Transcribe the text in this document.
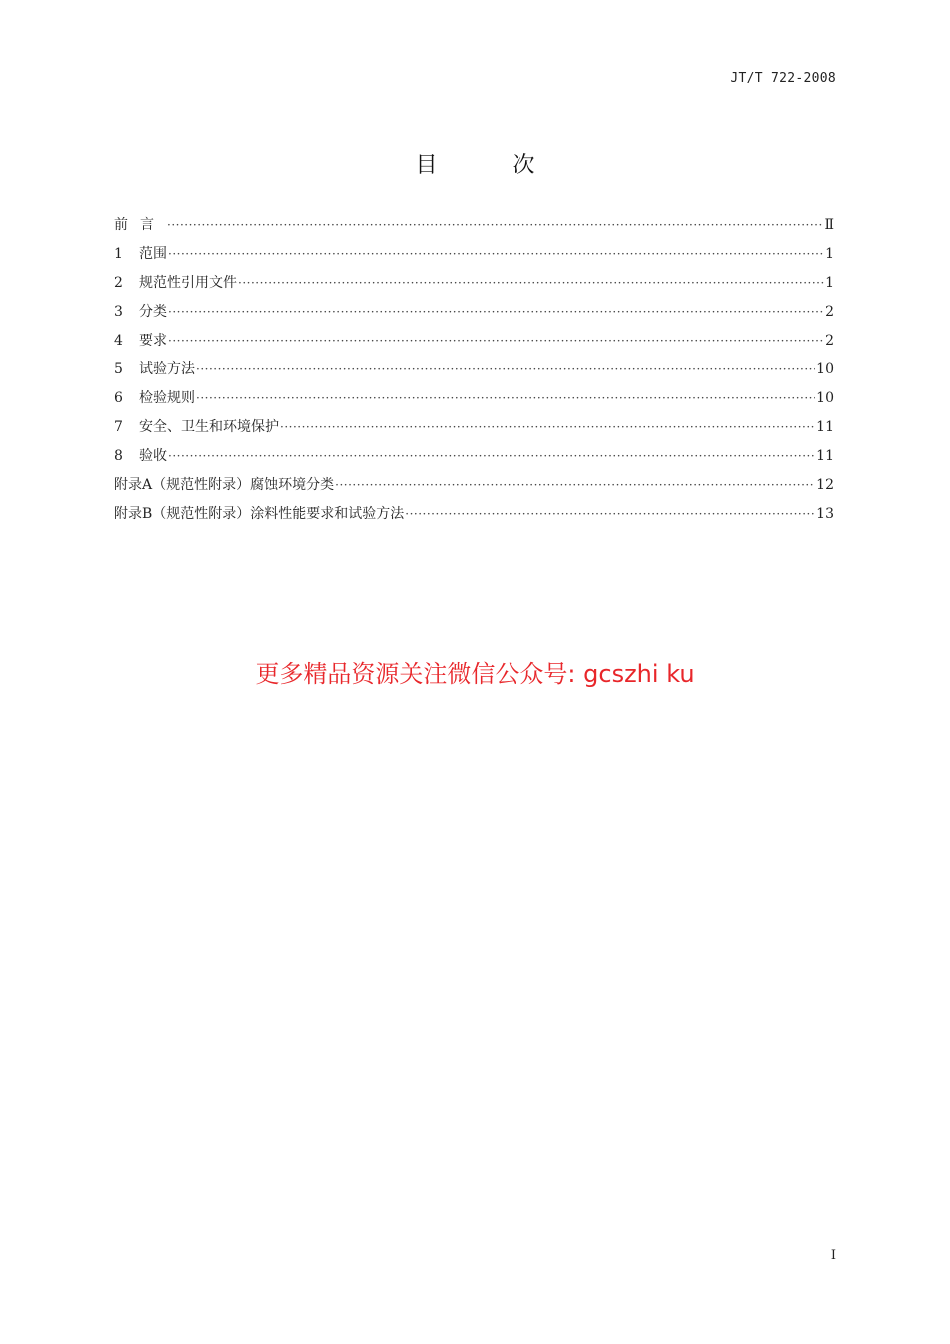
JT/T 722-2008
目 次
前言 ·····	Ⅱ
1	范围 ·····	1
2	规范性引用文件 ·····	1
3	分类 ·····	2
4	要求 ·····	2
5	试验方法 ·····	10
6	检验规则 ·····	10
7	安全、卫生和环境保护 ·····	11
8	验收 ·····	11
附录A（规范性附录）腐蚀环境分类 ·····	12
附录B（规范性附录）涂料性能要求和试验方法 ·····	13
更多精品资源关注微信公众号: gcszhi ku
I
